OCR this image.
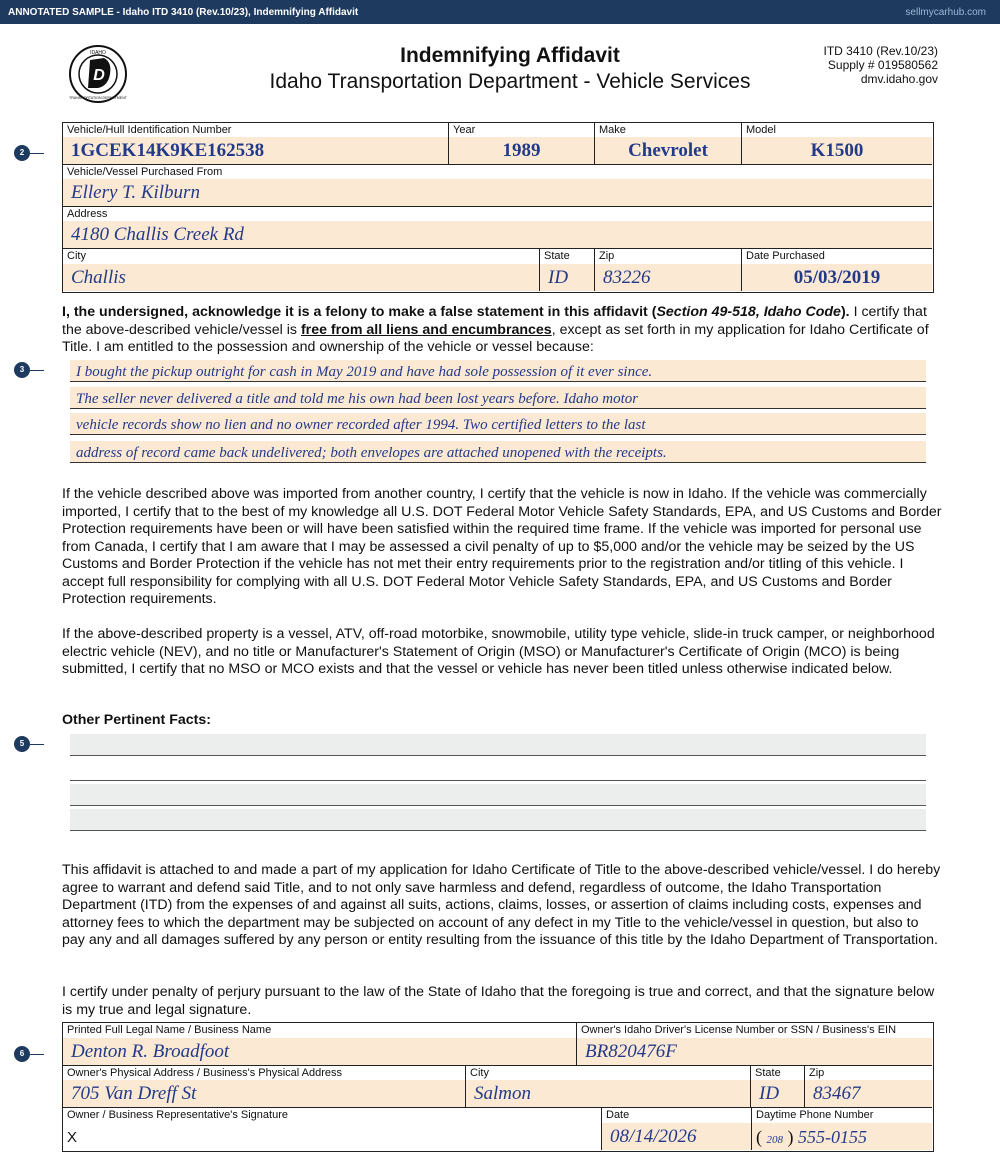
ANNOTATED SAMPLE - Idaho ITD 3410 (Rev.10/23), Indemnifying Affidavit	sellmycarhub.com
D
IDAHO
TRANSPORTATION DEPARTMENT
Indemnifying Affidavit
Idaho Transportation Department - Vehicle Services
ITD 3410 (Rev.10/23)
Supply # 019580562
dmv.idaho.gov
2
3
5
6
Vehicle/Hull Identification Number
1GCEK14K9KE162538
Year
1989
Make
Chevrolet
Model
K1500
Vehicle/Vessel Purchased From
Ellery T. Kilburn
Address
4180 Challis Creek Rd
City
Challis
State
ID
Zip
83226
Date Purchased
05/03/2019
I, the undersigned, acknowledge it is a felony to make a false statement in this affidavit (Section 49-518, Idaho Code). I certify that the above-described vehicle/vessel is free from all liens and encumbrances, except as set forth in my application for Idaho Certificate of Title. I am entitled to the possession and ownership of the vehicle or vessel because:
I bought the pickup outright for cash in May 2019 and have had sole possession of it ever since.
The seller never delivered a title and told me his own had been lost years before. Idaho motor
vehicle records show no lien and no owner recorded after 1994. Two certified letters to the last
address of record came back undelivered; both envelopes are attached unopened with the receipts.
If the vehicle described above was imported from another country, I certify that the vehicle is now in Idaho. If the vehicle was commercially imported, I certify that to the best of my knowledge all U.S. DOT Federal Motor Vehicle Safety Standards, EPA, and US Customs and Border Protection requirements have been or will have been satisfied within the required time frame. If the vehicle was imported for personal use from Canada, I certify that I am aware that I may be assessed a civil penalty of up to $5,000 and/or the vehicle may be seized by the US Customs and Border Protection if the vehicle has not met their entry requirements prior to the registration and/or titling of this vehicle. I accept full responsibility for complying with all U.S. DOT Federal Motor Vehicle Safety Standards, EPA, and US Customs and Border Protection requirements.
If the above-described property is a vessel, ATV, off-road motorbike, snowmobile, utility type vehicle, slide-in truck camper, or neighborhood electric vehicle (NEV), and no title or Manufacturer's Statement of Origin (MSO) or Manufacturer's Certificate of Origin (MCO) is being submitted, I certify that no MSO or MCO exists and that the vessel or vehicle has never been titled unless otherwise indicated below.
Other Pertinent Facts:
This affidavit is attached to and made a part of my application for Idaho Certificate of Title to the above-described vehicle/vessel. I do hereby agree to warrant and defend said Title, and to not only save harmless and defend, regardless of outcome, the Idaho Transportation Department (ITD) from the expenses of and against all suits, actions, claims, losses, or assertion of claims including costs, expenses and attorney fees to which the department may be subjected on account of any defect in my Title to the vehicle/vessel in question, but also to pay any and all damages suffered by any person or entity resulting from the issuance of this title by the Idaho Department of Transportation.
I certify under penalty of perjury pursuant to the law of the State of Idaho that the foregoing is true and correct, and that the signature below is my true and legal signature.
Printed Full Legal Name / Business Name
Denton R. Broadfoot
Owner's Idaho Driver's License Number or SSN / Business's EIN
BR820476F
Owner's Physical Address / Business's Physical Address
705 Van Dreff St
City
Salmon
State
ID
Zip
83467
Owner / Business Representative's Signature
X
Date
08/14/2026
Daytime Phone Number
( 208 ) 555-0155
